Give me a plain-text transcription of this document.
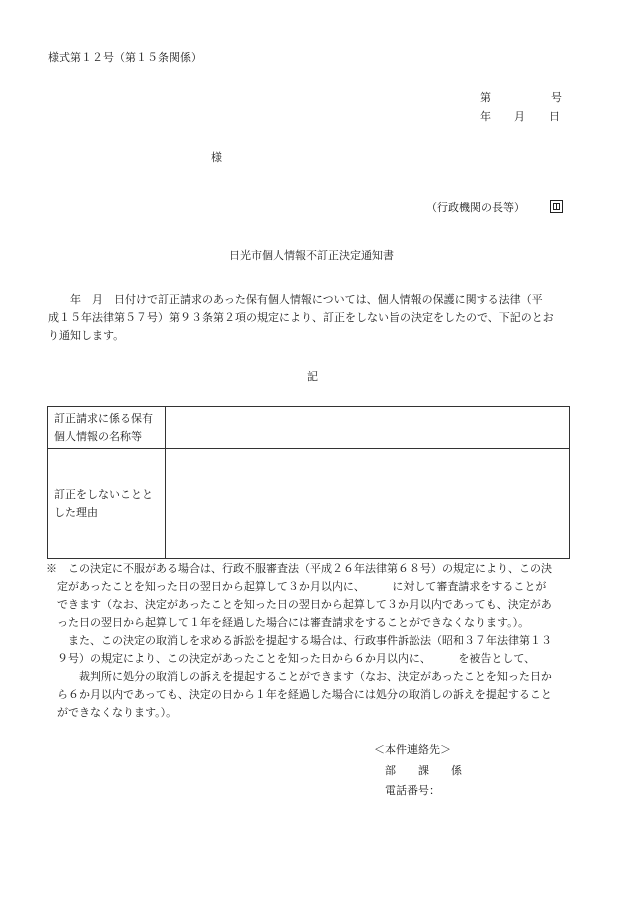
様式第１２号（第１５条関係）
第	号
年 月 日
様
（行政機関の長等）
日光市個人情報不訂正決定通知書
　　年　月　日付けで訂正請求のあった保有個人情報については、個人情報の保護に関する法律（平
成１５年法律第５７号）第９３条第２項の規定により、訂正をしない旨の決定をしたので、下記のとお
り通知します。
記
訂正請求に係る保有
個人情報の名称等	
訂正をしないことと
した理由	
※　この決定に不服がある場合は、行政不服審査法（平成２６年法律第６８号）の規定により、この決
　定があったことを知った日の翌日から起算して３か月以内に、　　　に対して審査請求をすることが
　できます（なお、決定があったことを知った日の翌日から起算して３か月以内であっても、決定があ
　った日の翌日から起算して１年を経過した場合には審査請求をすることができなくなります。）。
　　また、この決定の取消しを求める訴訟を提起する場合は、行政事件訴訟法（昭和３７年法律第１３
　９号）の規定により、この決定があったことを知った日から６か月以内に、　　　を被告として、
　　　裁判所に処分の取消しの訴えを提起することができます（なお、決定があったことを知った日か
　ら６か月以内であっても、決定の日から１年を経過した場合には処分の取消しの訴えを提起すること
　ができなくなります。）。
＜本件連絡先＞
部　　課　　係
電話番号：
